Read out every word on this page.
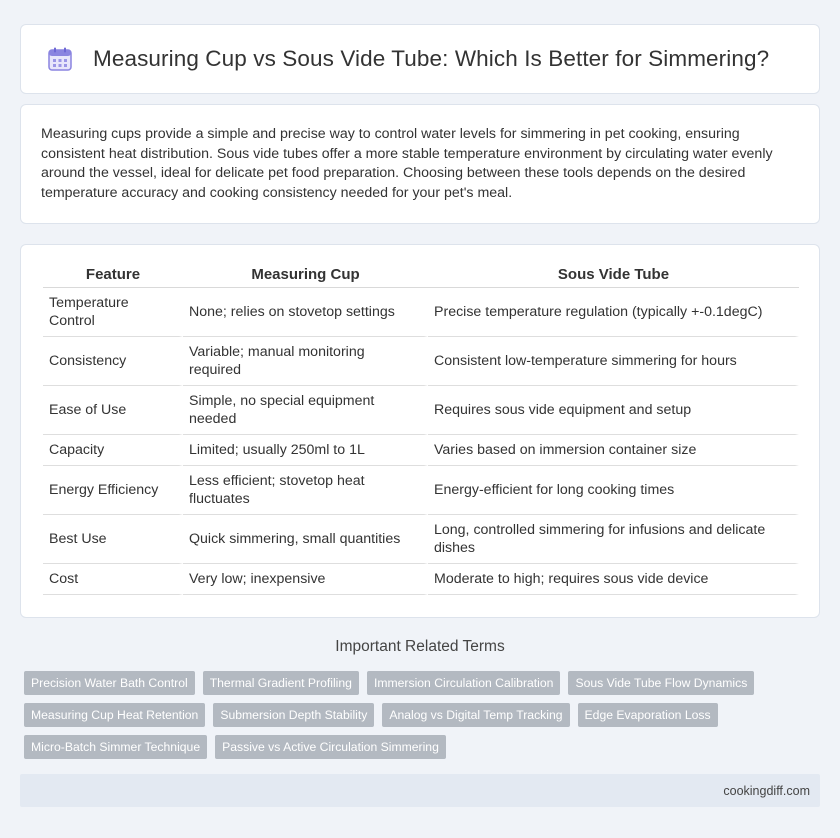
Measuring Cup vs Sous Vide Tube: Which Is Better for Simmering?

Measuring cups provide a simple and precise way to control water levels for simmering in pet cooking, ensuring consistent heat distribution. Sous vide tubes offer a more stable temperature environment by circulating water evenly around the vessel, ideal for delicate pet food preparation. Choosing between these tools depends on the desired temperature accuracy and cooking consistency needed for your pet's meal.

Feature	Measuring Cup	Sous Vide Tube
Temperature Control	None; relies on stovetop settings	Precise temperature regulation (typically +-0.1degC)
Consistency	Variable; manual monitoring required	Consistent low-temperature simmering for hours
Ease of Use	Simple, no special equipment needed	Requires sous vide equipment and setup
Capacity	Limited; usually 250ml to 1L	Varies based on immersion container size
Energy Efficiency	Less efficient; stovetop heat fluctuates	Energy-efficient for long cooking times
Best Use	Quick simmering, small quantities	Long, controlled simmering for infusions and delicate dishes
Cost	Very low; inexpensive	Moderate to high; requires sous vide device
Important Related Terms
Precision Water Bath Control	Thermal Gradient Profiling	Immersion Circulation Calibration	Sous Vide Tube Flow Dynamics
Measuring Cup Heat Retention	Submersion Depth Stability	Analog vs Digital Temp Tracking	Edge Evaporation Loss
Micro-Batch Simmer Technique	Passive vs Active Circulation Simmering
cookingdiff.com
